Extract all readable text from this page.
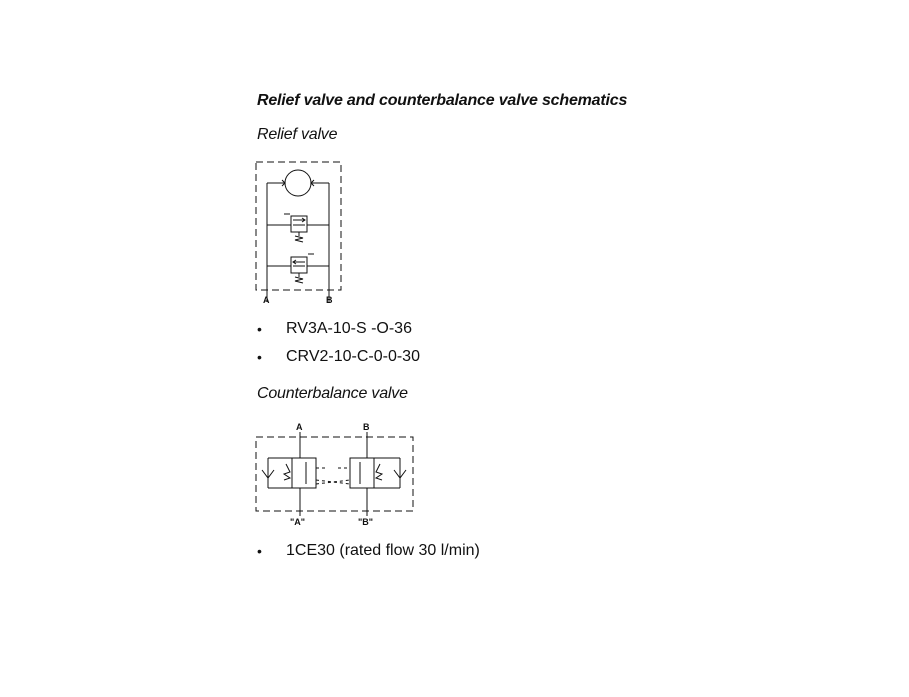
Relief valve and counterbalance valve schematics
Relief valve
A	B
• RV3A-10-S -O-36
• CRV2-10-C-0-0-30
Counterbalance valve
A	B
"A"	"B"
• 1CE30 (rated flow 30 l/min)
